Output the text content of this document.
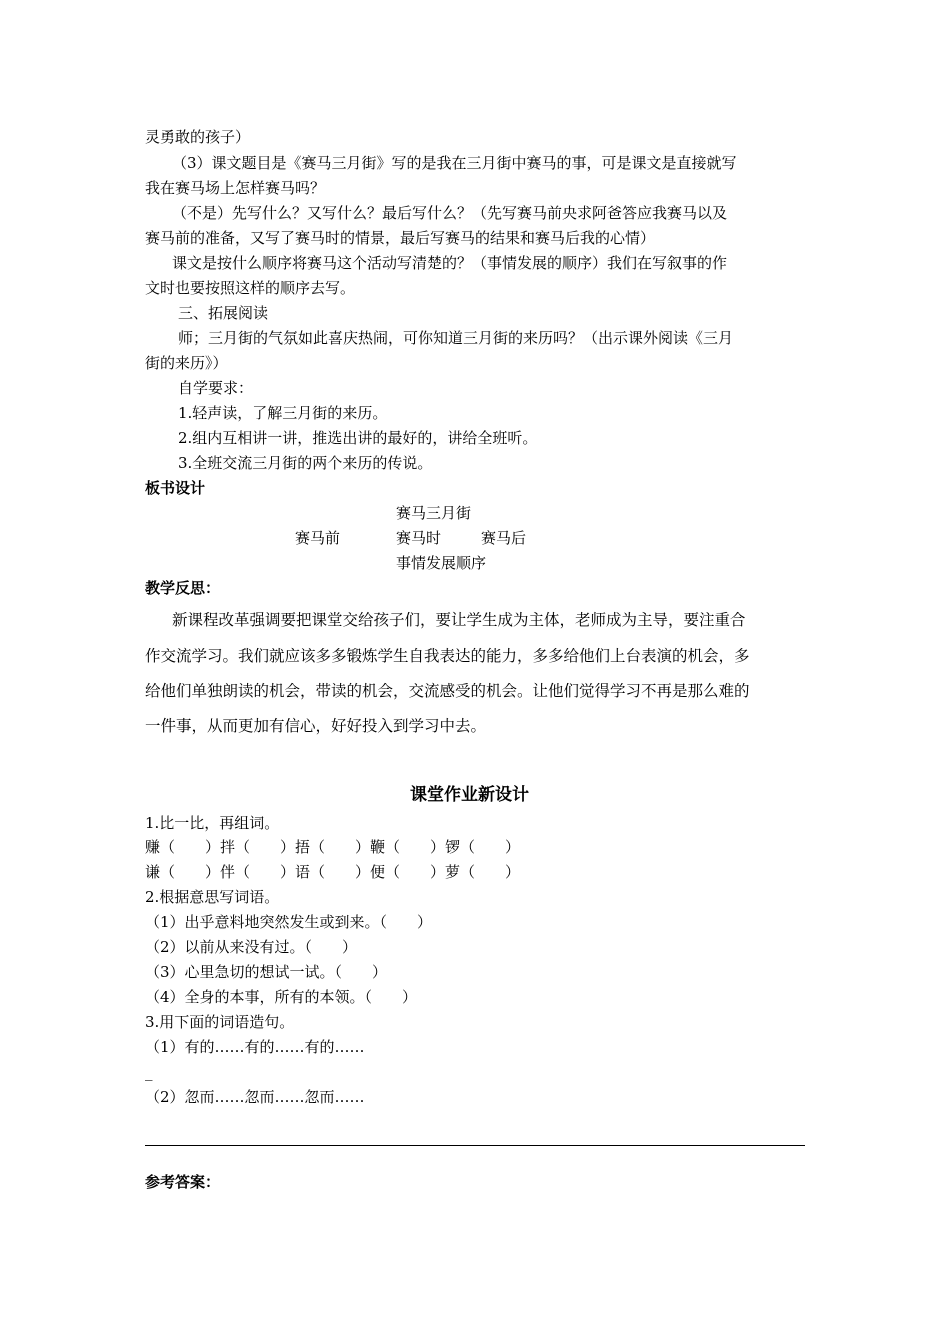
灵勇敢的孩子）
（3）课文题目是《赛马三月街》写的是我在三月街中赛马的事，可是课文是直接就写
我在赛马场上怎样赛马吗？
（不是）先写什么？又写什么？最后写什么？（先写赛马前央求阿爸答应我赛马以及
赛马前的准备，又写了赛马时的情景，最后写赛马的结果和赛马后我的心情）
课文是按什么顺序将赛马这个活动写清楚的？（事情发展的顺序）我们在写叙事的作
文时也要按照这样的顺序去写。
三、拓展阅读
师；三月街的气氛如此喜庆热闹，可你知道三月街的来历吗？（出示课外阅读《三月
街的来历》）
自学要求：
1.轻声读，了解三月街的来历。
2.组内互相讲一讲，推选出讲的最好的，讲给全班听。
3.全班交流三月街的两个来历的传说。
板书设计
赛马三月街
赛马前	赛马时	赛马后
事情发展顺序
教学反思：
新课程改革强调要把课堂交给孩子们，要让学生成为主体，老师成为主导，要注重合
作交流学习。我们就应该多多锻炼学生自我表达的能力，多多给他们上台表演的机会，多
给他们单独朗读的机会，带读的机会，交流感受的机会。让他们觉得学习不再是那么难的
一件事，从而更加有信心，好好投入到学习中去。
课堂作业新设计
1.比一比，再组词。
赚（　　）拌（　　）捂（　　）鞭（　　）锣（　　）
谦（　　）伴（　　）语（　　）便（　　）萝（　　）
2.根据意思写词语。
（1）出乎意料地突然发生或到来。（　　）
（2）以前从来没有过。（　　）
（3）心里急切的想试一试。（　　）
（4）全身的本事，所有的本领。（　　）
3.用下面的词语造句。
（1）有的……有的……有的……
_
（2）忽而……忽而……忽而……
参考答案：
